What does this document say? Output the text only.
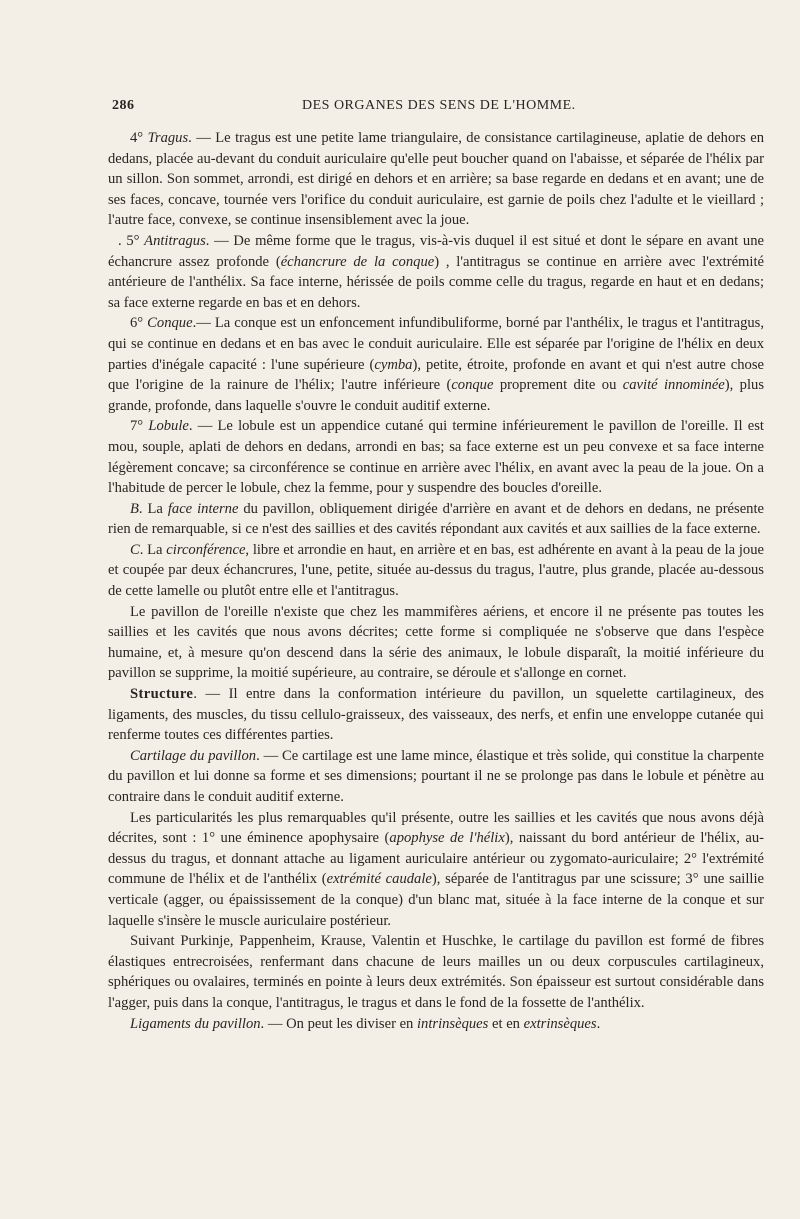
286	DES ORGANES DES SENS DE L'HOMME.

4° Tragus. — Le tragus est une petite lame triangulaire, de consistance cartilagineuse, aplatie de dehors en dedans, placée au-devant du conduit auriculaire qu'elle peut boucher quand on l'abaisse, et séparée de l'hélix par un sillon. Son sommet, arrondi, est dirigé en dehors et en arrière; sa base regarde en dedans et en avant; une de ses faces, concave, tournée vers l'orifice du conduit auriculaire, est garnie de poils chez l'adulte et le vieillard ; l'autre face, convexe, se continue insensiblement avec la joue.

. 5° Antitragus. — De même forme que le tragus, vis-à-vis duquel il est situé et dont le sépare en avant une échancrure assez profonde (échancrure de la conque) , l'antitragus se continue en arrière avec l'extrémité antérieure de l'anthélix. Sa face interne, hérissée de poils comme celle du tragus, regarde en haut et en dedans; sa face externe regarde en bas et en dehors.

6° Conque.— La conque est un enfoncement infundibuliforme, borné par l'anthélix, le tragus et l'antitragus, qui se continue en dedans et en bas avec le conduit auriculaire. Elle est séparée par l'origine de l'hélix en deux parties d'inégale capacité : l'une supérieure (cymba), petite, étroite, profonde en avant et qui n'est autre chose que l'origine de la rainure de l'hélix; l'autre inférieure (conque proprement dite ou cavité innominée), plus grande, profonde, dans laquelle s'ouvre le conduit auditif externe.

7° Lobule. — Le lobule est un appendice cutané qui termine inférieurement le pavillon de l'oreille. Il est mou, souple, aplati de dehors en dedans, arrondi en bas; sa face externe est un peu convexe et sa face interne légèrement concave; sa circonférence se continue en arrière avec l'hélix, en avant avec la peau de la joue. On a l'habitude de percer le lobule, chez la femme, pour y suspendre des boucles d'oreille.

B. La face interne du pavillon, obliquement dirigée d'arrière en avant et de dehors en dedans, ne présente rien de remarquable, si ce n'est des saillies et des cavités répondant aux cavités et aux saillies de la face externe.

C. La circonférence, libre et arrondie en haut, en arrière et en bas, est adhérente en avant à la peau de la joue et coupée par deux échancrures, l'une, petite, située au-dessus du tragus, l'autre, plus grande, placée au-dessous de cette lamelle ou plutôt entre elle et l'antitragus.

Le pavillon de l'oreille n'existe que chez les mammifères aériens, et encore il ne présente pas toutes les saillies et les cavités que nous avons décrites; cette forme si compliquée ne s'observe que dans l'espèce humaine, et, à mesure qu'on descend dans la série des animaux, le lobule disparaît, la moitié inférieure du pavillon se supprime, la moitié supérieure, au contraire, se déroule et s'allonge en cornet.

Structure. — Il entre dans la conformation intérieure du pavillon, un squelette cartilagineux, des ligaments, des muscles, du tissu cellulo-graisseux, des vaisseaux, des nerfs, et enfin une enveloppe cutanée qui renferme toutes ces différentes parties.

Cartilage du pavillon. — Ce cartilage est une lame mince, élastique et très solide, qui constitue la charpente du pavillon et lui donne sa forme et ses dimensions; pourtant il ne se prolonge pas dans le lobule et pénètre au contraire dans le conduit auditif externe.

Les particularités les plus remarquables qu'il présente, outre les saillies et les cavités que nous avons déjà décrites, sont : 1° une éminence apophysaire (apophyse de l'hélix), naissant du bord antérieur de l'hélix, au-dessus du tragus, et donnant attache au ligament auriculaire antérieur ou zygomato-auriculaire; 2° l'extrémité commune de l'hélix et de l'anthélix (extrémité caudale), séparée de l'antitragus par une scissure; 3° une saillie verticale (agger, ou épaississement de la conque) d'un blanc mat, située à la face interne de la conque et sur laquelle s'insère le muscle auriculaire postérieur.

Suivant Purkinje, Pappenheim, Krause, Valentin et Huschke, le cartilage du pavillon est formé de fibres élastiques entrecroisées, renfermant dans chacune de leurs mailles un ou deux corpuscules cartilagineux, sphériques ou ovalaires, terminés en pointe à leurs deux extrémités. Son épaisseur est surtout considérable dans l'agger, puis dans la conque, l'antitragus, le tragus et dans le fond de la fossette de l'anthélix.

Ligaments du pavillon. — On peut les diviser en intrinsèques et en extrinsèques.
